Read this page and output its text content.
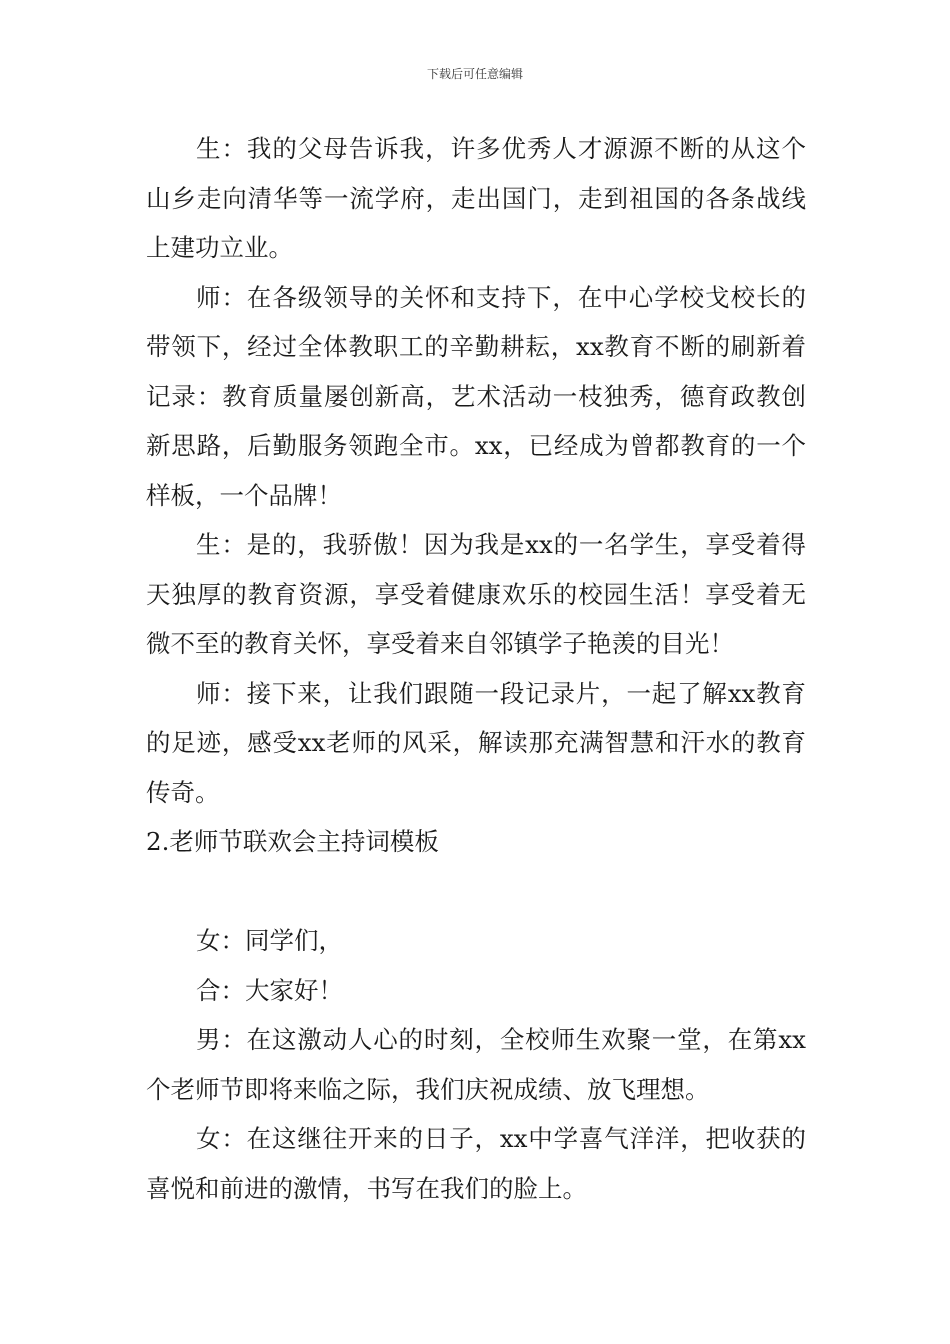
下载后可任意编辑

生：我的父母告诉我，许多优秀人才源源不断的从这个山乡走向清华等一流学府，走出国门，走到祖国的各条战线上建功立业。

师：在各级领导的关怀和支持下，在中心学校戈校长的带领下，经过全体教职工的辛勤耕耘，xx教育不断的刷新着记录：教育质量屡创新高，艺术活动一枝独秀，德育政教创新思路，后勤服务领跑全市。xx，已经成为曾都教育的一个样板，一个品牌！

生：是的，我骄傲！因为我是xx的一名学生，享受着得天独厚的教育资源，享受着健康欢乐的校园生活！享受着无微不至的教育关怀，享受着来自邻镇学子艳羡的目光！

师：接下来，让我们跟随一段记录片，一起了解xx教育的足迹，感受xx老师的风采，解读那充满智慧和汗水的教育传奇。

2.老师节联欢会主持词模板

女：同学们，

合：大家好！

男：在这激动人心的时刻，全校师生欢聚一堂，在第xx个老师节即将来临之际，我们庆祝成绩、放飞理想。

女：在这继往开来的日子，xx中学喜气洋洋，把收获的喜悦和前进的激情，书写在我们的脸上。
